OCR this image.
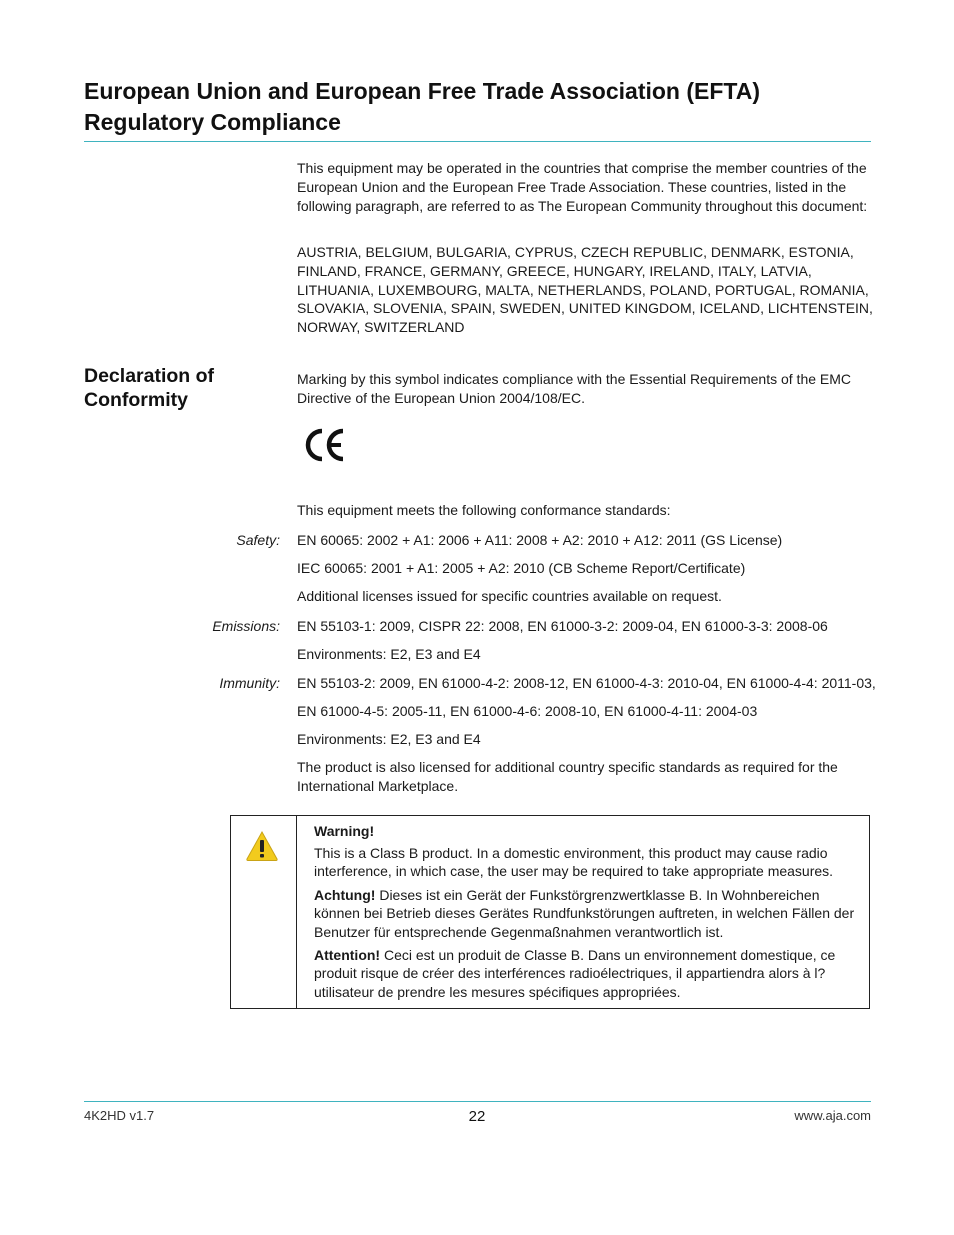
European Union and European Free Trade Association (EFTA)
Regulatory Compliance
This equipment may be operated in the countries that comprise the member countries of the European Union and the European Free Trade Association. These countries, listed in the following paragraph, are referred to as The European Community throughout this document:
AUSTRIA, BELGIUM, BULGARIA, CYPRUS, CZECH REPUBLIC, DENMARK, ESTONIA, FINLAND, FRANCE, GERMANY, GREECE, HUNGARY, IRELAND, ITALY, LATVIA, LITHUANIA, LUXEMBOURG, MALTA, NETHERLANDS, POLAND, PORTUGAL, ROMANIA, SLOVAKIA, SLOVENIA, SPAIN, SWEDEN, UNITED KINGDOM, ICELAND, LICHTENSTEIN, NORWAY, SWITZERLAND
Declaration of Conformity
Marking by this symbol indicates compliance with the Essential Requirements of the EMC Directive of the European Union 2004/108/EC.
This equipment meets the following conformance standards:
Safety: EN 60065: 2002 + A1: 2006 + A11: 2008 + A2: 2010 + A12: 2011 (GS License)
IEC 60065: 2001 + A1: 2005 + A2: 2010 (CB Scheme Report/Certificate)
Additional licenses issued for specific countries available on request.
Emissions: EN 55103-1: 2009, CISPR 22: 2008, EN 61000-3-2: 2009-04, EN 61000-3-3: 2008-06
Environments: E2, E3 and E4
Immunity: EN 55103-2: 2009, EN 61000-4-2: 2008-12, EN 61000-4-3: 2010-04, EN 61000-4-4: 2011-03,
EN 61000-4-5: 2005-11, EN 61000-4-6: 2008-10, EN 61000-4-11: 2004-03
Environments: E2, E3 and E4
The product is also licensed for additional country specific standards as required for the International Marketplace.
Warning!
This is a Class B product. In a domestic environment, this product may cause radio interference, in which case, the user may be required to take appropriate measures.
Achtung! Dieses ist ein Gerät der Funkstörgrenzwertklasse B. In Wohnbereichen können bei Betrieb dieses Gerätes Rundfunkstörungen auftreten, in welchen Fällen der Benutzer für entsprechende Gegenmaßnahmen verantwortlich ist.
Attention! Ceci est un produit de Classe B. Dans un environnement domestique, ce produit risque de créer des interférences radioélectriques, il appartiendra alors à l?utilisateur de prendre les mesures spécifiques appropriées.
4K2HD v1.7	22	www.aja.com
